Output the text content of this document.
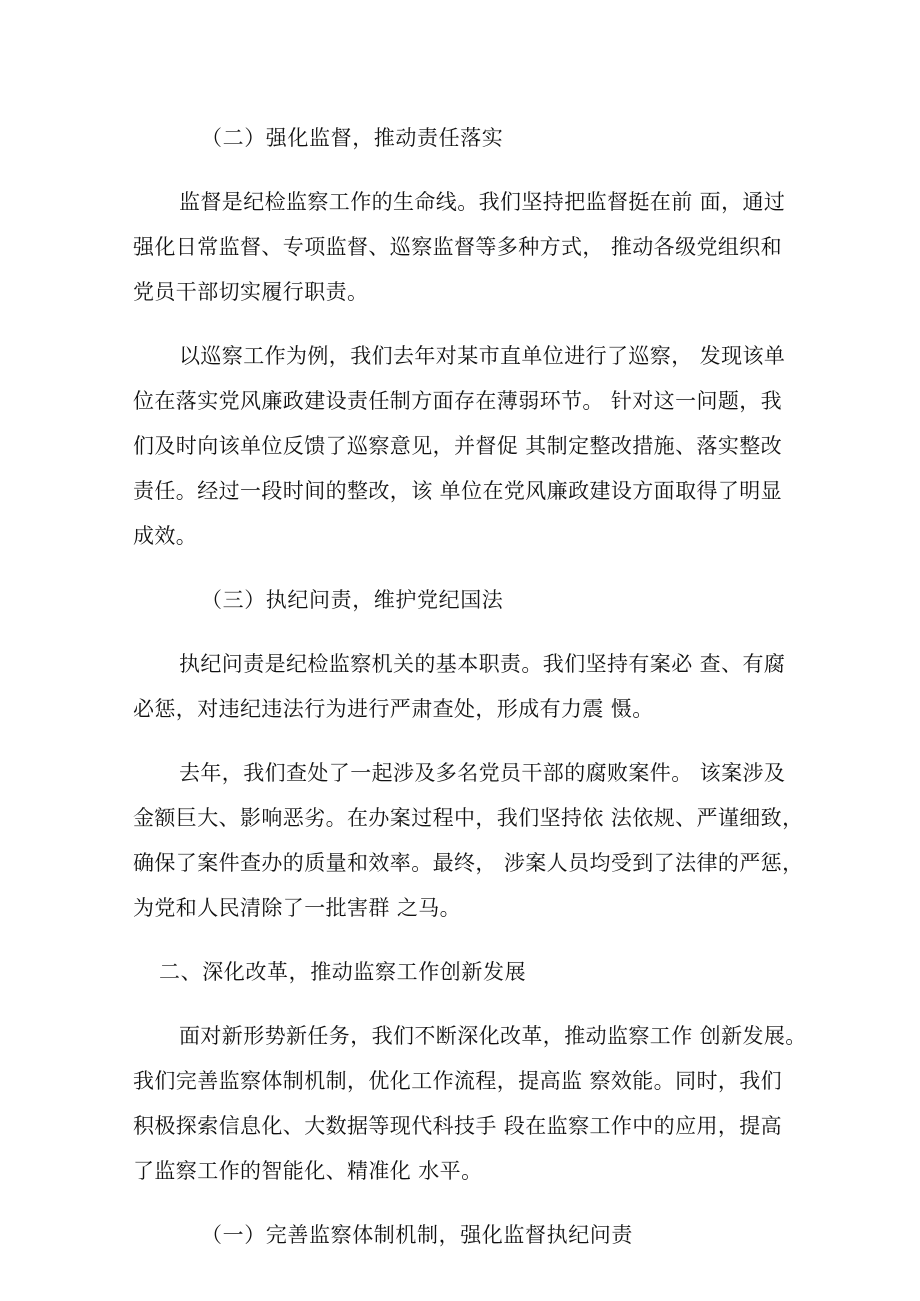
（二）强化监督，推动责任落实
监督是纪检监察工作的生命线。我们坚持把监督挺在前 面，通过
强化日常监督、专项监督、巡察监督等多种方式， 推动各级党组织和
党员干部切实履行职责。
以巡察工作为例，我们去年对某市直单位进行了巡察， 发现该单
位在落实党风廉政建设责任制方面存在薄弱环节。 针对这一问题，我
们及时向该单位反馈了巡察意见，并督促 其制定整改措施、落实整改
责任。经过一段时间的整改，该 单位在党风廉政建设方面取得了明显
成效。
（三）执纪问责，维护党纪国法
执纪问责是纪检监察机关的基本职责。我们坚持有案必 查、有腐
必惩，对违纪违法行为进行严肃查处，形成有力震 慑。
去年，我们查处了一起涉及多名党员干部的腐败案件。 该案涉及
金额巨大、影响恶劣。在办案过程中，我们坚持依 法依规、严谨细致，
确保了案件查办的质量和效率。最终， 涉案人员均受到了法律的严惩，
为党和人民清除了一批害群 之马。
二、深化改革，推动监察工作创新发展
面对新形势新任务，我们不断深化改革，推动监察工作 创新发展。
我们完善监察体制机制，优化工作流程，提高监 察效能。同时，我们
积极探索信息化、大数据等现代科技手 段在监察工作中的应用，提高
了监察工作的智能化、精准化 水平。
（一）完善监察体制机制，强化监督执纪问责
